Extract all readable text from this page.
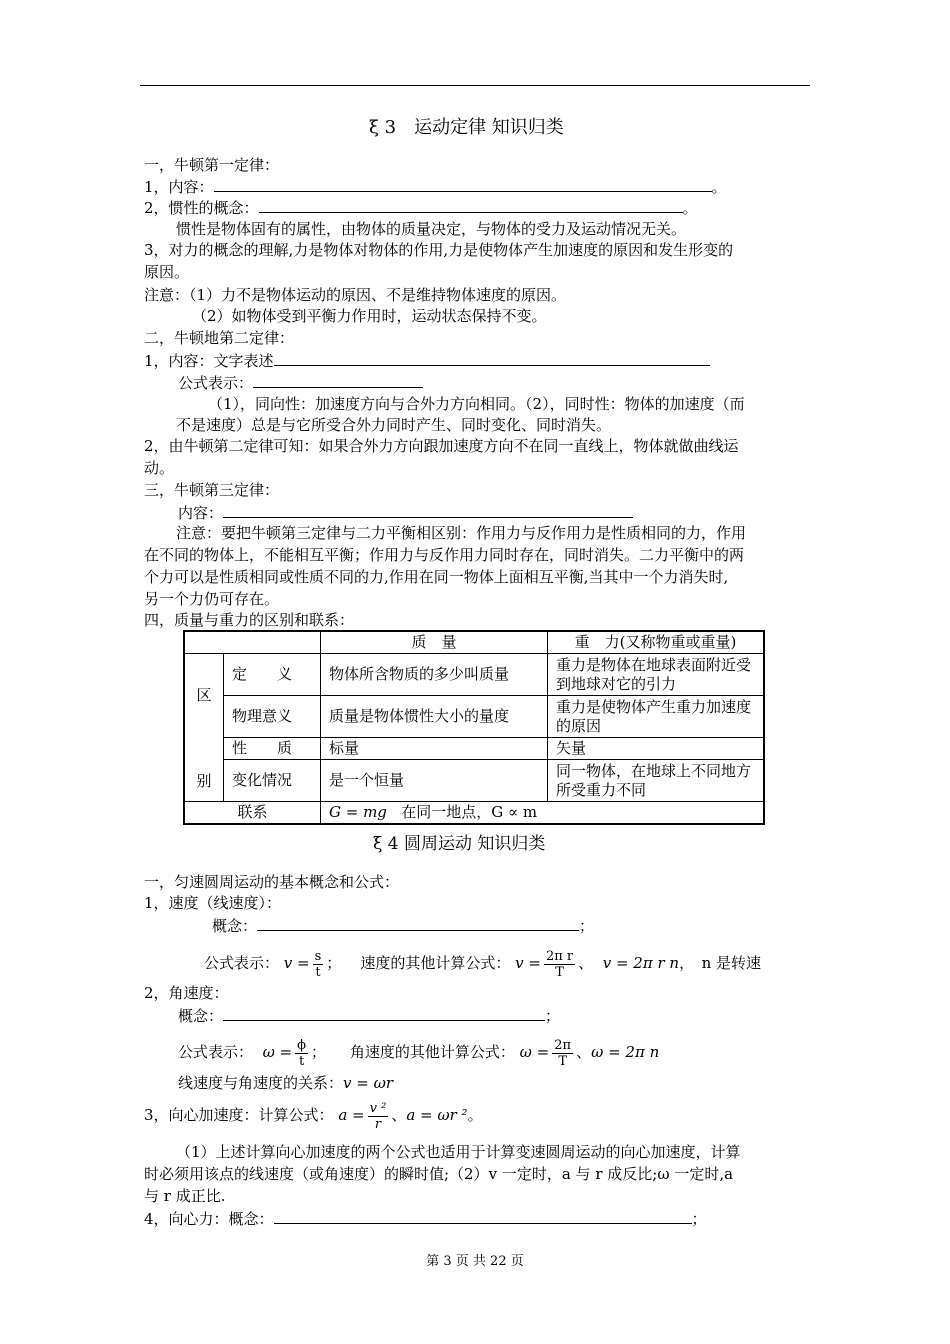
ξ 3　运动定律 知识归类
一，牛顿第一定律：
1，内容：	。
2，惯性的概念：	。
惯性是物体固有的属性，由物体的质量决定，与物体的受力及运动情况无关。
3，对力的概念的理解,力是物体对物体的作用,力是使物体产生加速度的原因和发生形变的
原因。
注意：（1）力不是物体运动的原因、不是维持物体速度的原因。
（2）如物体受到平衡力作用时，运动状态保持不变。
二，牛顿地第二定律：
1，内容：文字表述
公式表示：
（1），同向性：加速度方向与合外力方向相同。（2），同时性：物体的加速度（而
不是速度）总是与它所受合外力同时产生、同时变化、同时消失。
2，由牛顿第二定律可知：如果合外力方向跟加速度方向不在同一直线上，物体就做曲线运
动。
三，牛顿第三定律：
内容：
注意：要把牛顿第三定律与二力平衡相区别：作用力与反作用力是性质相同的力，作用
在不同的物体上，不能相互平衡；作用力与反作用力同时存在，同时消失。二力平衡中的两
个力可以是性质相同或性质不同的力,作用在同一物体上面相互平衡,当其中一个力消失时,
另一个力仍可存在。
四，质量与重力的区别和联系：
		质　量	重　力(又称物重或重量)
区	定　　义	物体所含物质的多少叫质量	重力是物体在地球表面附近受到地球对它的引力
	物理意义	质量是物体惯性大小的量度	重力是使物体产生重力加速度的原因
别	性　　质	标量	矢量
	变化情况	是一个恒量	同一物体，在地球上不同地方所受重力不同
联系		G = mg 在同一地点，G ∝ m	
ξ 4 圆周运动 知识归类
一，匀速圆周运动的基本概念和公式：
1，速度（线速度）：
概念：	；
公式表示： $v = \frac{s}{t}$ ； 速度的其他计算公式： $v = \frac{\text{2π r}}{T}$ 、 v = 2π r n，　n 是转速
2，角速度：
概念：	；
公式表示： $\omega = \frac{\phi}{t}$ ； 角速度的其他计算公式： $\omega = \frac{2\pi}{T}$ 、ω = 2π n
线速度与角速度的关系：v = ωr
3，向心加速度：计算公式： $a = \frac{\text{v ²}}{r}$ 、a = ωr ²。
（1）上述计算向心加速度的两个公式也适用于计算变速圆周运动的向心加速度，计算
时必须用该点的线速度（或角速度）的瞬时值;（2）v 一定时，a 与 r 成反比;ω 一定时,a
与 r 成正比.
4，向心力：概念：	；
第 3 页 共 22 页
